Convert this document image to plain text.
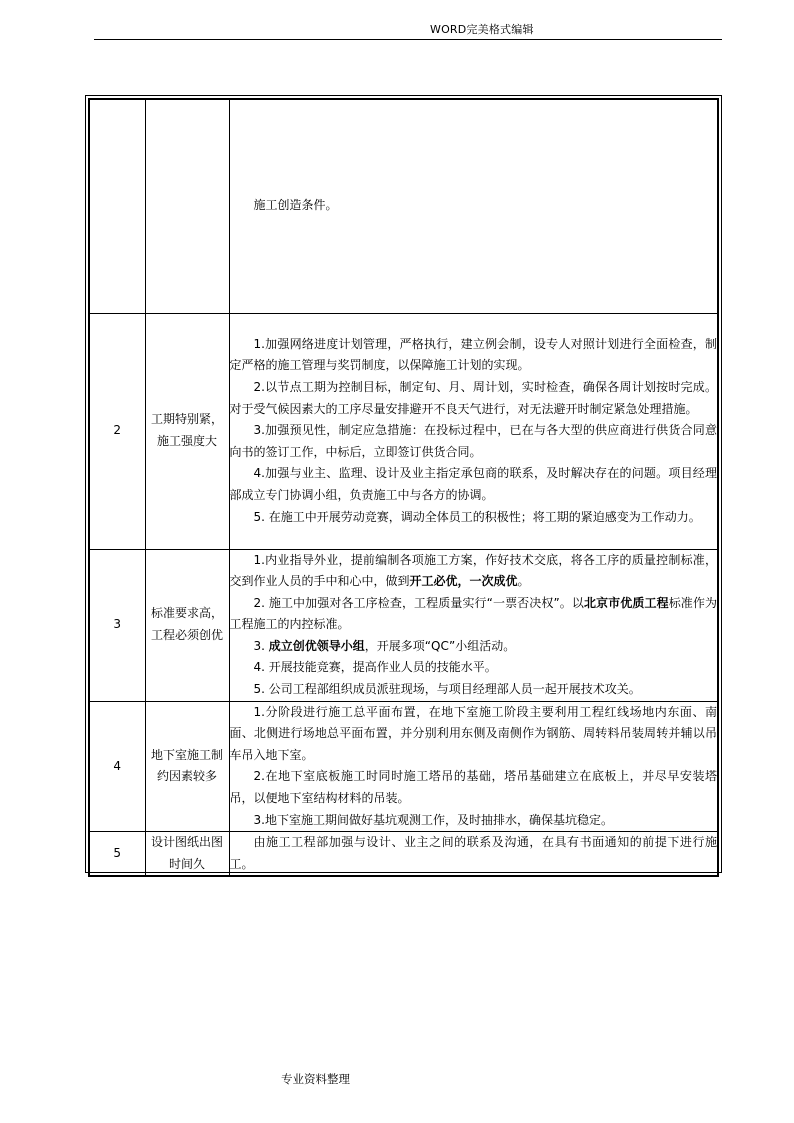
WORD完美格式编辑

		施工创造条件。

2	工期特别紧，施工强度大	1.加强网络进度计划管理，严格执行，建立例会制，设专人对照计划进行全面检查，制定严格的施工管理与奖罚制度，以保障施工计划的实现。

2.以节点工期为控制目标，制定旬、月、周计划，实时检查，确保各周计划按时完成。对于受气候因素大的工序尽量安排避开不良天气进行，对无法避开时制定紧急处理措施。

3.加强预见性，制定应急措施：在投标过程中，已在与各大型的供应商进行供货合同意向书的签订工作，中标后，立即签订供货合同。

4.加强与业主、监理、设计及业主指定承包商的联系，及时解决存在的问题。项目经理部成立专门协调小组，负责施工中与各方的协调。

5. 在施工中开展劳动竞赛，调动全体员工的积极性；将工期的紧迫感变为工作动力。

3	标准要求高，工程必须创优	1.内业指导外业，提前编制各项施工方案，作好技术交底，将各工序的质量控制标准，交到作业人员的手中和心中，做到开工必优，一次成优。

2. 施工中加强对各工序检查，工程质量实行“一票否决权”。以北京市优质工程标准作为工程施工的内控标准。

3. 成立创优领导小组，开展多项“QC”小组活动。

4. 开展技能竞赛，提高作业人员的技能水平。

5. 公司工程部组织成员派驻现场，与项目经理部人员一起开展技术攻关。

4	地下室施工制约因素较多	1.分阶段进行施工总平面布置，在地下室施工阶段主要利用工程红线场地内东面、南面、北侧进行场地总平面布置，并分别利用东侧及南侧作为钢筋、周转料吊装周转并辅以吊车吊入地下室。

2.在地下室底板施工时同时施工塔吊的基础，塔吊基础建立在底板上，并尽早安装塔吊，以便地下室结构材料的吊装。

3.地下室施工期间做好基坑观测工作，及时抽排水，确保基坑稳定。

5	设计图纸出图时间久	由施工工程部加强与设计、业主之间的联系及沟通，在具有书面通知的前提下进行施工。

专业资料整理
